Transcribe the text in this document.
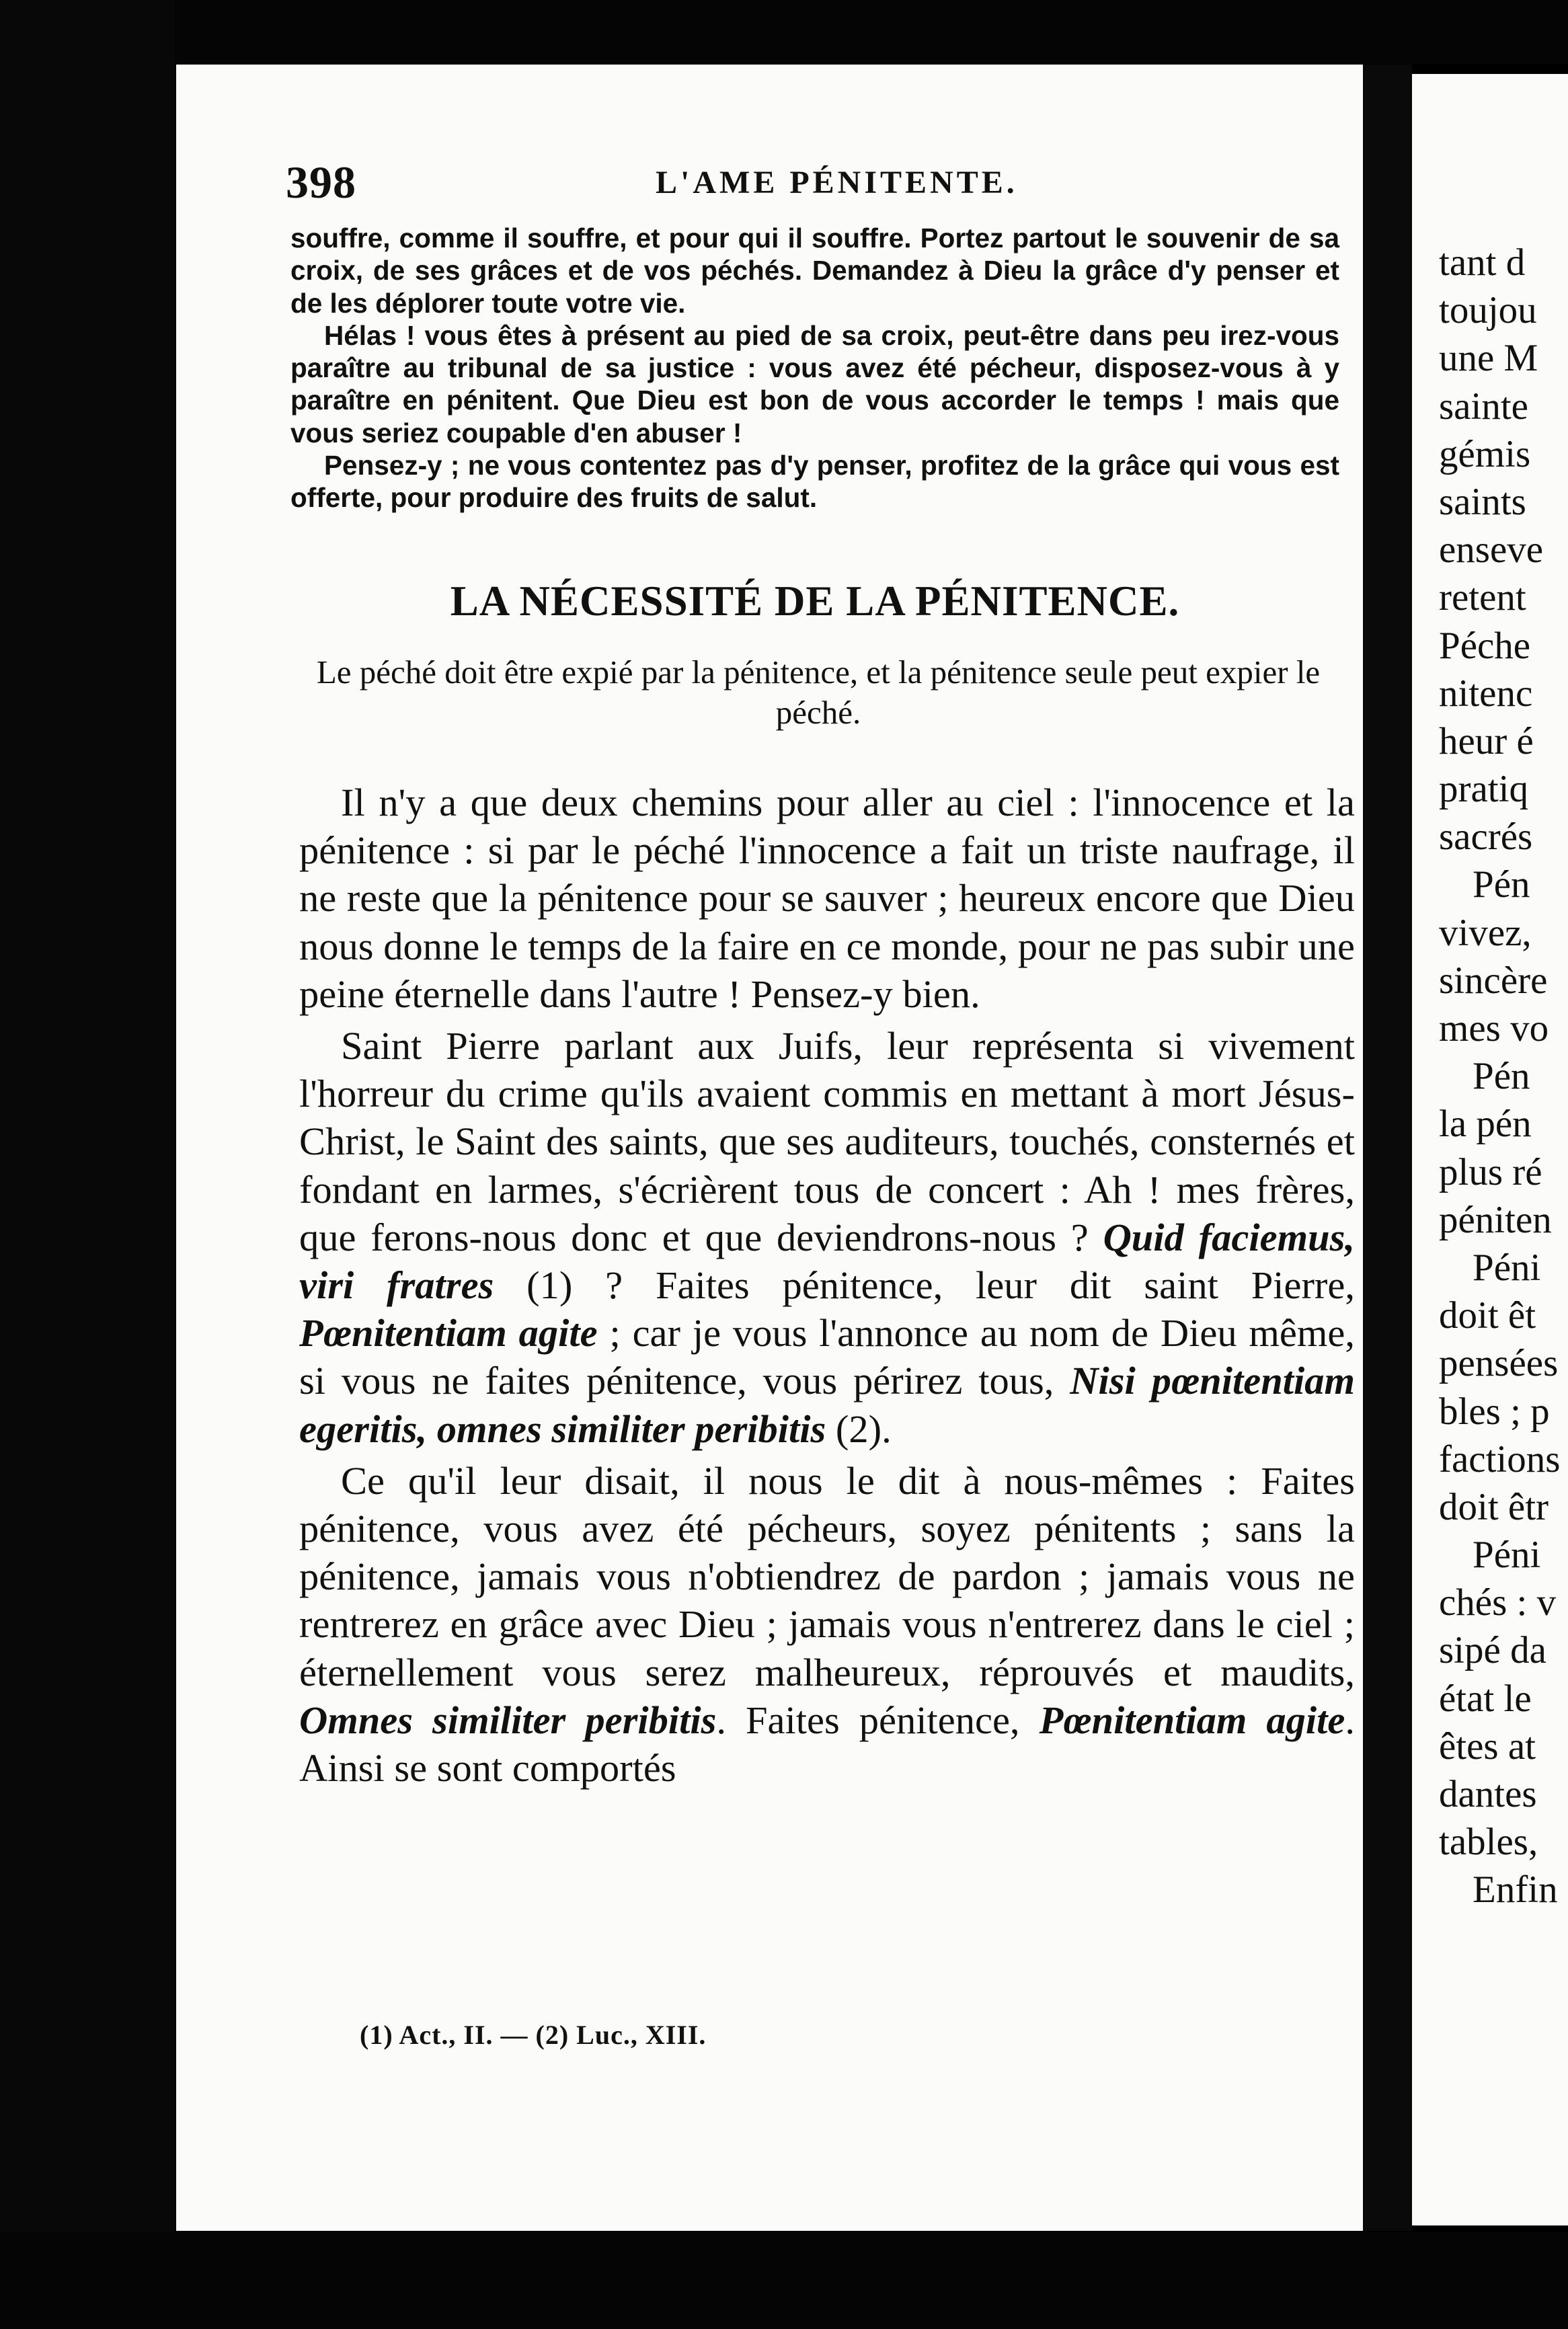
398	L'AME PÉNITENTE.

souffre, comme il souffre, et pour qui il souffre. Portez partout le souvenir de sa croix, de ses grâces et de vos péchés. Demandez à Dieu la grâce d'y penser et de les déplorer toute votre vie.

Hélas ! vous êtes à présent au pied de sa croix, peut-être dans peu irez-vous paraître au tribunal de sa justice : vous avez été pécheur, disposez-vous à y paraître en pénitent. Que Dieu est bon de vous accorder le temps ! mais que vous seriez coupable d'en abuser !

Pensez-y ; ne vous contentez pas d'y penser, profitez de la grâce qui vous est offerte, pour produire des fruits de salut.

LA NÉCESSITÉ DE LA PÉNITENCE.
Le péché doit être expié par la pénitence, et la pénitence seule peut expier le péché.

Il n'y a que deux chemins pour aller au ciel : l'innocence et la pénitence : si par le péché l'innocence a fait un triste naufrage, il ne reste que la pénitence pour se sauver ; heureux encore que Dieu nous donne le temps de la faire en ce monde, pour ne pas subir une peine éternelle dans l'autre ! Pensez-y bien.

Saint Pierre parlant aux Juifs, leur représenta si vivement l'horreur du crime qu'ils avaient commis en mettant à mort Jésus-Christ, le Saint des saints, que ses auditeurs, touchés, consternés et fondant en larmes, s'écrièrent tous de concert : Ah ! mes frères, que ferons-nous donc et que deviendrons-nous ? Quid faciemus, viri fratres (1) ? Faites pénitence, leur dit saint Pierre, Pœnitentiam agite ; car je vous l'annonce au nom de Dieu même, si vous ne faites pénitence, vous périrez tous, Nisi pœnitentiam egeritis, omnes similiter peribitis (2).

Ce qu'il leur disait, il nous le dit à nous-mêmes : Faites pénitence, vous avez été pécheurs, soyez pénitents ; sans la pénitence, jamais vous n'obtiendrez de pardon ; jamais vous ne rentrerez en grâce avec Dieu ; jamais vous n'entrerez dans le ciel ; éternellement vous serez malheureux, réprouvés et maudits, Omnes similiter peribitis. Faites pénitence, Pœnitentiam agite. Ainsi se sont comportés

(1) Act., II. — (2) Luc., XIII.
tant d
toujou
une M
sainte
gémis
saints
enseve
retent
Péche
nitenc
heur é
pratiq
sacrés
Pén
vivez,
sincère
mes vo
Pén
la pén
plus ré
péniten
Péni
doit êt
pensées
bles ; p
factions
doit êtr
Péni
chés : v
sipé da
état le
êtes at
dantes
tables,
Enfin
